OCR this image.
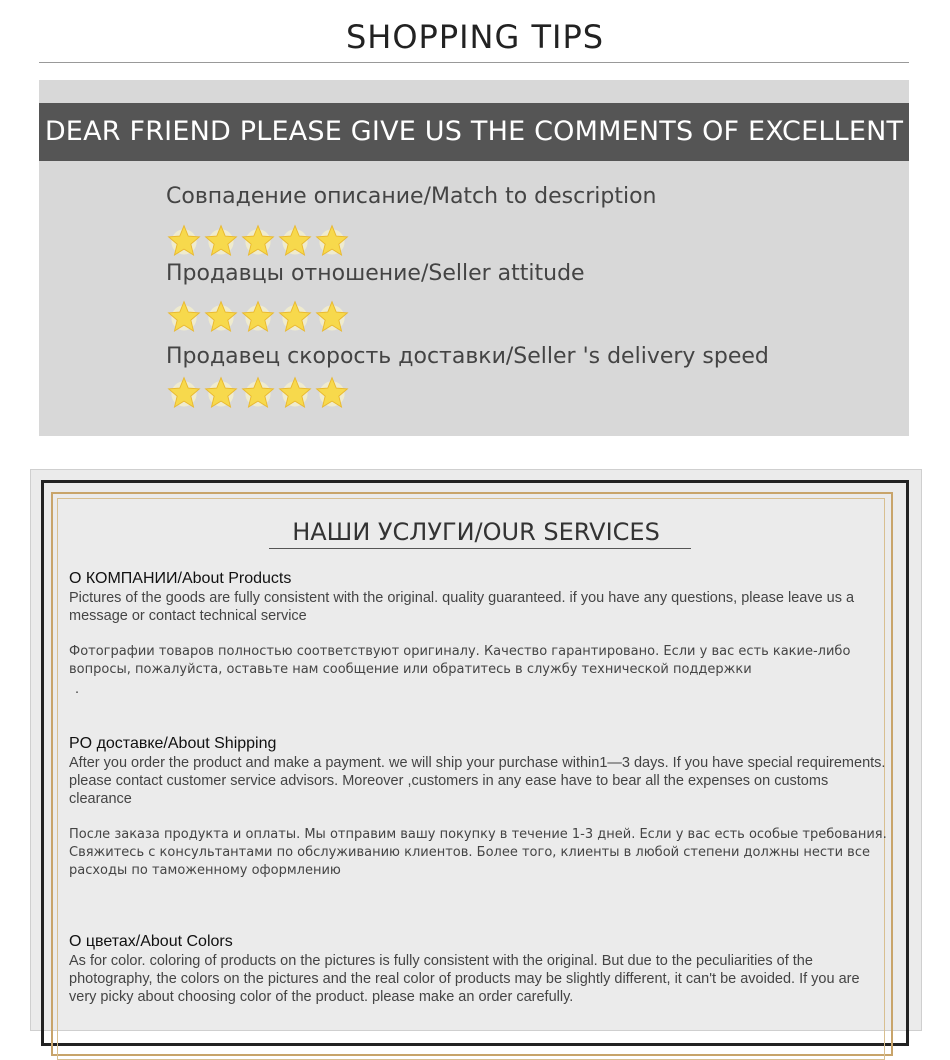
SHOPPING TIPS
DEAR FRIEND PLEASE GIVE US THE COMMENTS OF EXCELLENT
Совпадение описание/Match to description
Продавцы отношение/Seller attitude
Продавец скорость доставки/Seller 's delivery speed
НАШИ УСЛУГИ/OUR SERVICES
О КОМПАНИИ/About Products
Pictures of the goods are fully consistent with the original. quality guaranteed. if you have any questions, please leave us a message or contact technical service
Фотографии товаров полностью соответствуют оригиналу. Качество гарантировано. Если у вас есть какие-либо вопросы, пожалуйста, оставьте нам сообщение или обратитесь в службу технической поддержки
.
PO доставке/About Shipping
After you order the product and make a payment. we will ship your purchase within1—3 days. If you have special requirements. please contact customer service advisors. Moreover ,customers in any ease have to bear all the expenses on customs clearance
После заказа продукта и оплаты. Мы отправим вашу покупку в течение 1-3 дней. Если у вас есть особые требования. Свяжитесь с консультантами по обслуживанию клиентов. Более того, клиенты в любой степени должны нести все расходы по таможенному оформлению
О цветах/About Colors
As for color. coloring of products on the pictures is fully consistent with the original. But due to the peculiarities of the photography, the colors on the pictures and the real color of products may be slightly different, it can't be avoided. If you are very picky about choosing color of the product. please make an order carefully.
